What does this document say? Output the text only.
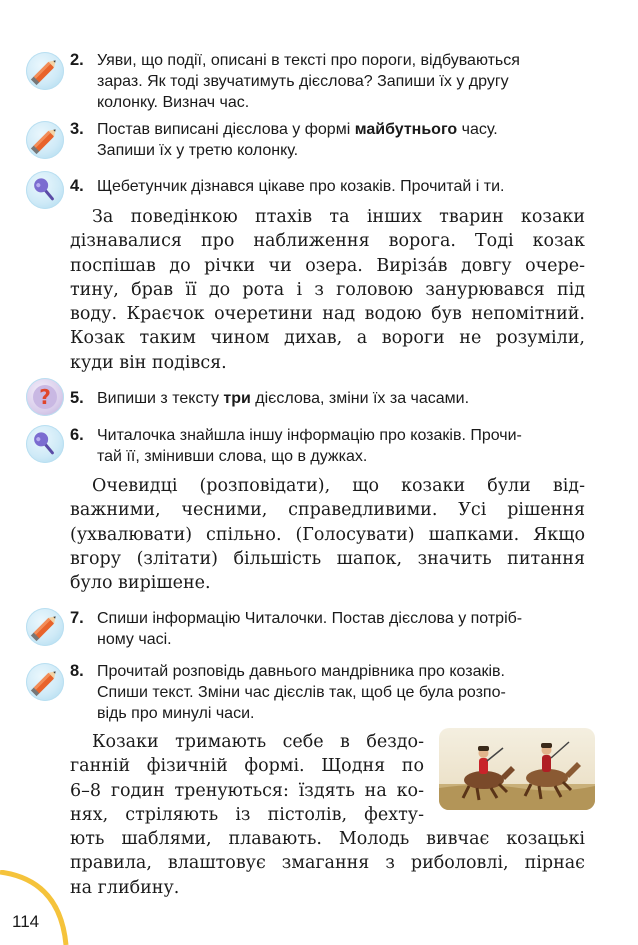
2. Уяви, що події, описані в тексті про пороги, відбуваються
зараз. Як тоді звучатимуть дієслова? Запиши їх у другу
колонку. Визнач час.
3. Постав виписані дієслова у формі майбутнього часу.
Запиши їх у третю колонку.
4. Щебетунчик дізнався цікаве про козаків. Прочитай і ти.
За поведінкою птахів та інших тварин козаки
дізнавалися про наближення ворога. Тоді козак
поспішав до річки чи озера. Вирізáв довгу очере-
тину, брав її до рота і з головою занурювався під
воду. Краєчок очеретини над водою був непомітний.
Козак таким чином дихав, а вороги не розуміли,
куди він подівся.
? 5. Випиши з тексту три дієслова, зміни їх за часами.
6. Читалочка знайшла іншу інформацію про козаків. Прочи-
тай її, змінивши слова, що в дужках.
Очевидці (розповідати), що козаки були від-
важними, чесними, справедливими. Усі рішення
(ухвалювати) спільно. (Голосувати) шапками. Якщо
вгору (злітати) більшість шапок, значить питання
було вирішене.
7. Спиши інформацію Читалочки. Постав дієслова у потріб-
ному часі.
8. Прочитай розповідь давнього мандрівника про козаків.
Спиши текст. Зміни час дієслів так, щоб це була розпо-
відь про минулі часи.
Козаки тримають себе в бездо-
ганній фізичній формі. Щодня по
6–8 годин тренуються: їздять на ко-
нях, стріляють із пістолів, фехту-
ють шаблями, плавають. Молодь вивчає козацькі
правила, влаштовує змагання з риболовлі, пірнає
на глибину.
114
